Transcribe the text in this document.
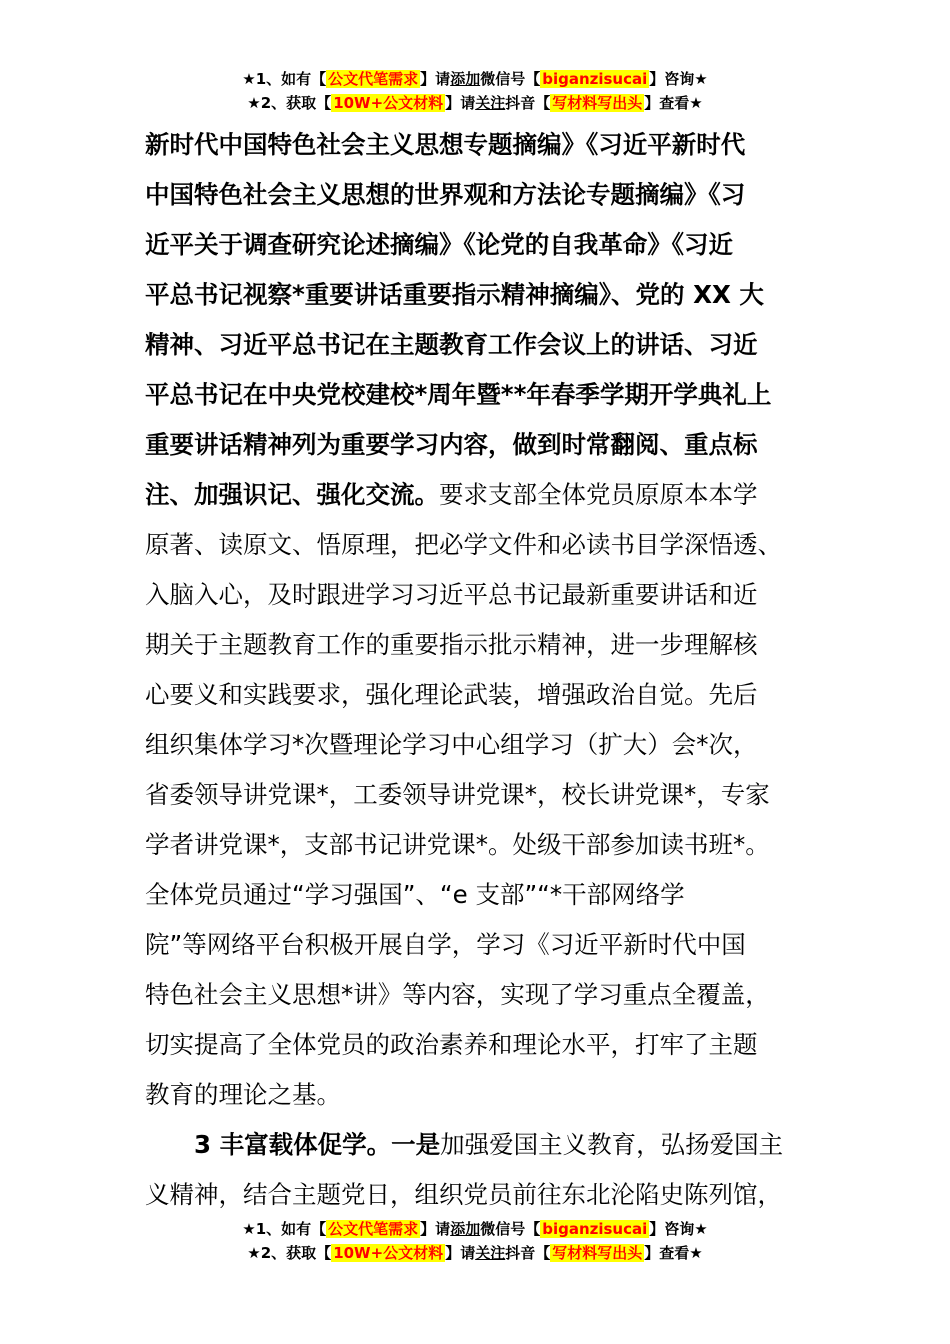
★1、如有【 公文代笔需求 】请添加微信号【 biganzisucai 】咨询★
★2、获取【 10W+公文材料 】请关注抖音【 写材料写出头 】查看★
新时代中国特色社会主义思想专题摘编》《习近平新时代
中国特色社会主义思想的世界观和方法论专题摘编》《习
近平关于调查研究论述摘编》《论党的自我革命》《习近
平总书记视察*重要讲话重要指示精神摘编》、党的 XX 大
精神、习近平总书记在主题教育工作会议上的讲话、习近
平总书记在中央党校建校*周年暨**年春季学期开学典礼上
重要讲话精神列为重要学习内容，做到时常翻阅、重点标
注、加强识记、强化交流。要求支部全体党员原原本本学
原著、读原文、悟原理，把必学文件和必读书目学深悟透、
入脑入心，及时跟进学习习近平总书记最新重要讲话和近
期关于主题教育工作的重要指示批示精神，进一步理解核
心要义和实践要求，强化理论武装，增强政治自觉。先后
组织集体学习*次暨理论学习中心组学习（扩大）会*次，
省委领导讲党课*，工委领导讲党课*，校长讲党课*，专家
学者讲党课*，支部书记讲党课*。处级干部参加读书班*。
全体党员通过“学习强国”、“e 支部”“*干部网络学
院”等网络平台积极开展自学，学习《习近平新时代中国
特色社会主义思想*讲》等内容，实现了学习重点全覆盖，
切实提高了全体党员的政治素养和理论水平，打牢了主题
教育的理论之基。
3 丰富载体促学。一是加强爱国主义教育，弘扬爱国主
义精神，结合主题党日，组织党员前往东北沦陷史陈列馆，
★1、如有【 公文代笔需求 】请添加微信号【 biganzisucai 】咨询★
★2、获取【 10W+公文材料 】请关注抖音【 写材料写出头 】查看★
